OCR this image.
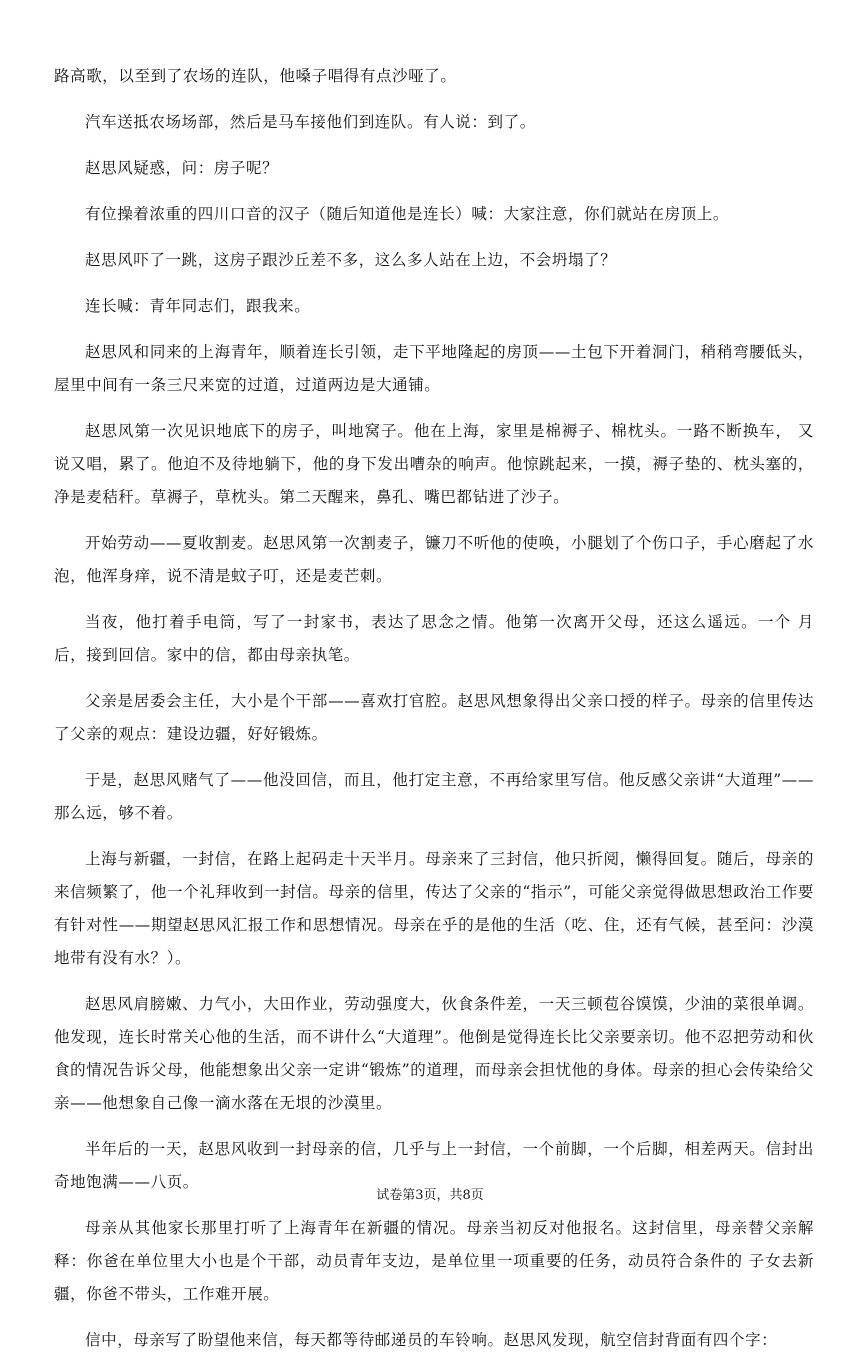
路高歌，以至到了农场的连队，他嗓子唱得有点沙哑了。

汽车送抵农场场部，然后是马车接他们到连队。有人说：到了。

赵思风疑惑，问：房子呢？

有位操着浓重的四川口音的汉子（随后知道他是连长）喊：大家注意，你们就站在房顶上。

赵思风吓了一跳，这房子跟沙丘差不多，这么多人站在上边，不会坍塌了？

连长喊：青年同志们，跟我来。

赵思风和同来的上海青年，顺着连长引领，走下平地隆起的房顶——土包下开着洞门，稍稍弯腰低头，屋里中间有一条三尺来宽的过道，过道两边是大通铺。

赵思风第一次见识地底下的房子，叫地窝子。他在上海，家里是棉褥子、棉枕头。一路不断换车， 又说又唱，累了。他迫不及待地躺下，他的身下发出嘈杂的响声。他惊跳起来，一摸，褥子垫的、枕头塞的，净是麦秸秆。草褥子，草枕头。第二天醒来，鼻孔、嘴巴都钻进了沙子。

开始劳动——夏收割麦。赵思风第一次割麦子，镰刀不听他的使唤，小腿划了个伤口子，手心磨起了水泡，他浑身痒，说不清是蚊子叮，还是麦芒刺。

当夜，他打着手电筒，写了一封家书，表达了思念之情。他第一次离开父母，还这么遥远。一个 月后，接到回信。家中的信，都由母亲执笔。

父亲是居委会主任，大小是个干部——喜欢打官腔。赵思风想象得出父亲口授的样子。母亲的信里传达了父亲的观点：建设边疆，好好锻炼。

于是，赵思风赌气了——他没回信，而且，他打定主意，不再给家里写信。他反感父亲讲“大道理”——那么远，够不着。

上海与新疆，一封信，在路上起码走十天半月。母亲来了三封信，他只折阅，懒得回复。随后，母亲的来信频繁了，他一个礼拜收到一封信。母亲的信里，传达了父亲的“指示”，可能父亲觉得做思想政治工作要有针对性——期望赵思风汇报工作和思想情况。母亲在乎的是他的生活（吃、住，还有气候，甚至问：沙漠地带有没有水？）。

赵思风肩膀嫩、力气小，大田作业，劳动强度大，伙食条件差，一天三顿苞谷馍馍，少油的菜很单调。他发现，连长时常关心他的生活，而不讲什么“大道理”。他倒是觉得连长比父亲要亲切。他不忍把劳动和伙食的情况告诉父母，他能想象出父亲一定讲“锻炼”的道理，而母亲会担忧他的身体。母亲的担心会传染给父亲——他想象自己像一滴水落在无垠的沙漠里。

半年后的一天，赵思风收到一封母亲的信，几乎与上一封信，一个前脚，一个后脚，相差两天。信封出奇地饱满——八页。

母亲从其他家长那里打听了上海青年在新疆的情况。母亲当初反对他报名。这封信里，母亲替父亲解释：你爸在单位里大小也是个干部，动员青年支边，是单位里一项重要的任务，动员符合条件的 子女去新疆，你爸不带头，工作难开展。

信中，母亲写了盼望他来信，每天都等待邮递员的车铃响。赵思风发现，航空信封背面有四个字：

试卷第3页，共8页
